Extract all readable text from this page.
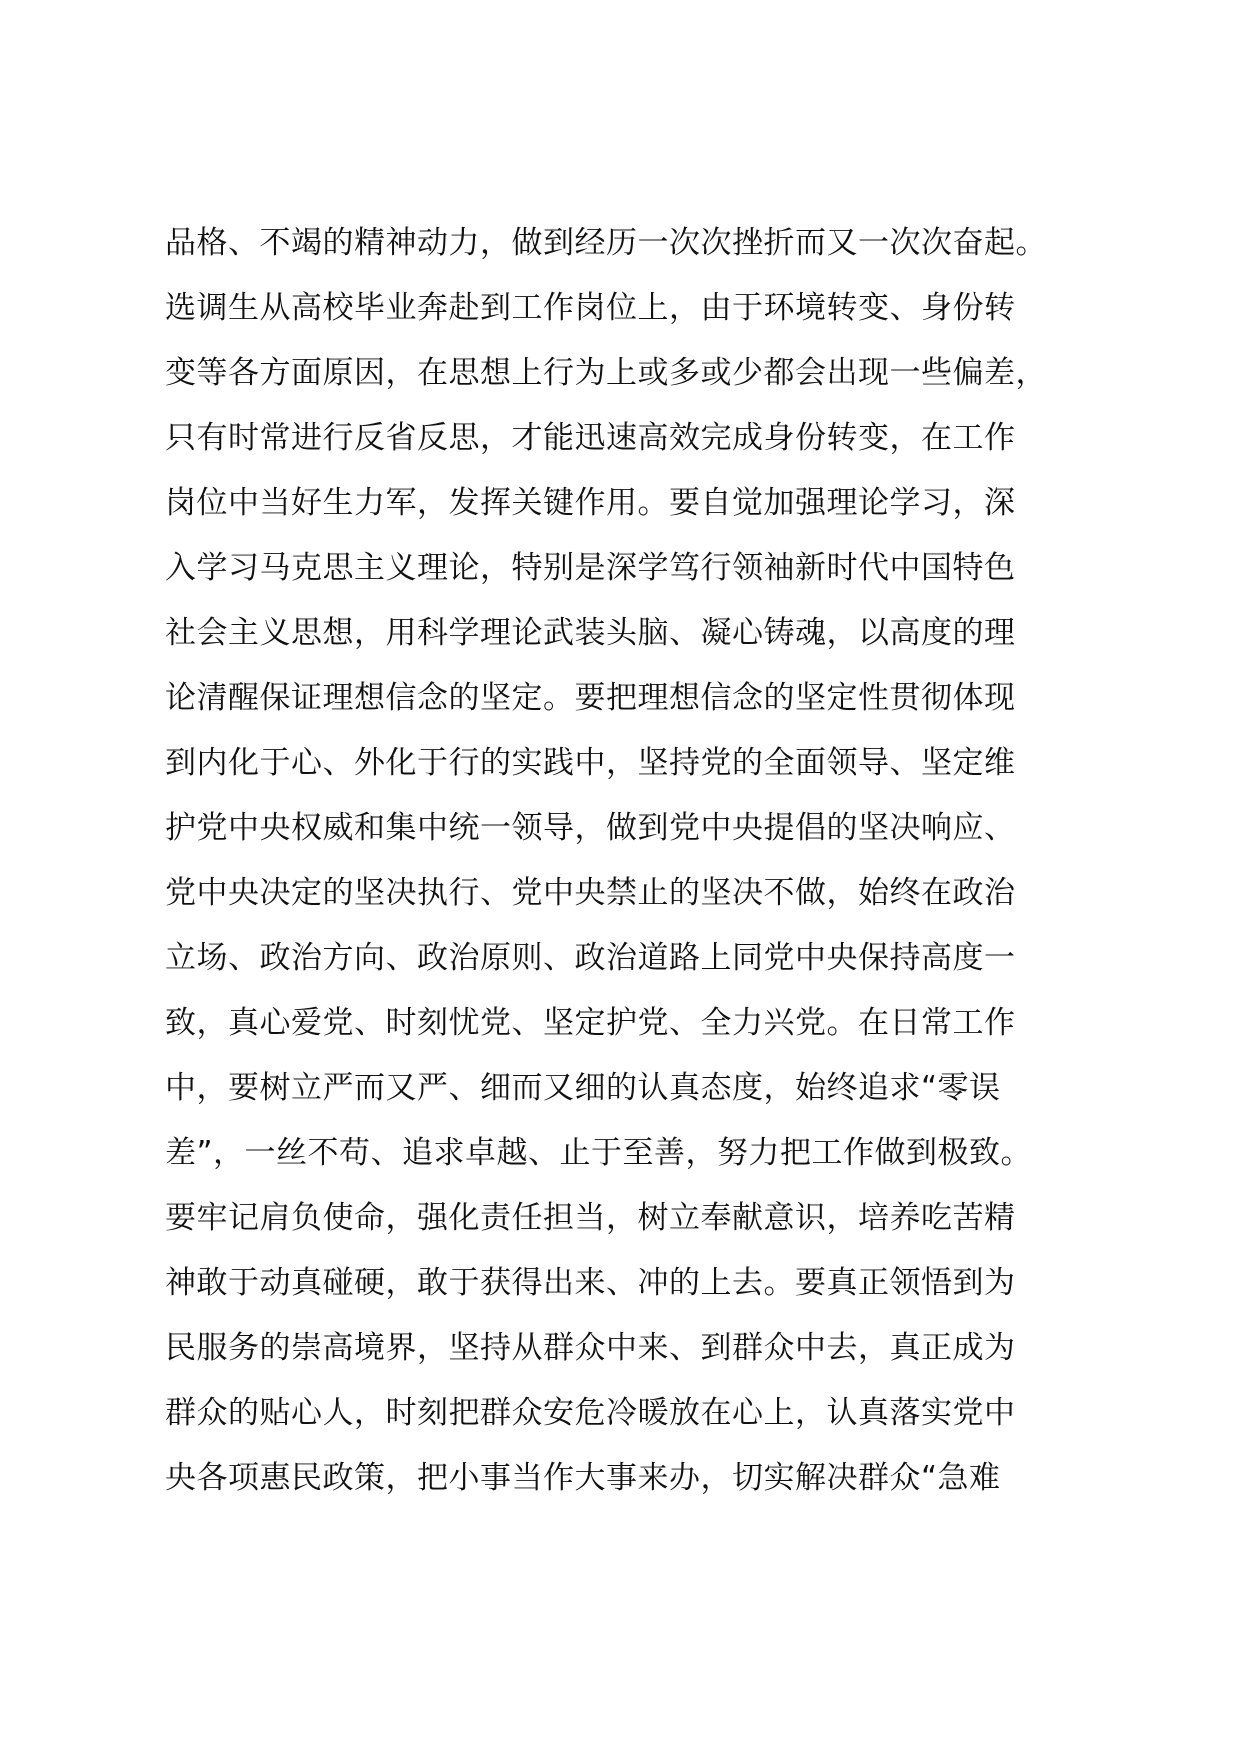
品格、不竭的精神动力，做到经历一次次挫折而又一次次奋起。
选调生从高校毕业奔赴到工作岗位上，由于环境转变、身份转
变等各方面原因，在思想上行为上或多或少都会出现一些偏差，
只有时常进行反省反思，才能迅速高效完成身份转变，在工作
岗位中当好生力军，发挥关键作用。要自觉加强理论学习，深
入学习马克思主义理论，特别是深学笃行领袖新时代中国特色
社会主义思想，用科学理论武装头脑、凝心铸魂，以高度的理
论清醒保证理想信念的坚定。要把理想信念的坚定性贯彻体现
到内化于心、外化于行的实践中，坚持党的全面领导、坚定维
护党中央权威和集中统一领导，做到党中央提倡的坚决响应、
党中央决定的坚决执行、党中央禁止的坚决不做，始终在政治
立场、政治方向、政治原则、政治道路上同党中央保持高度一
致，真心爱党、时刻忧党、坚定护党、全力兴党。在日常工作
中，要树立严而又严、细而又细的认真态度，始终追求“零误
差”，一丝不苟、追求卓越、止于至善，努力把工作做到极致。
要牢记肩负使命，强化责任担当，树立奉献意识，培养吃苦精
神敢于动真碰硬，敢于获得出来、冲的上去。要真正领悟到为
民服务的崇高境界，坚持从群众中来、到群众中去，真正成为
群众的贴心人，时刻把群众安危冷暖放在心上，认真落实党中
央各项惠民政策，把小事当作大事来办，切实解决群众“急难
